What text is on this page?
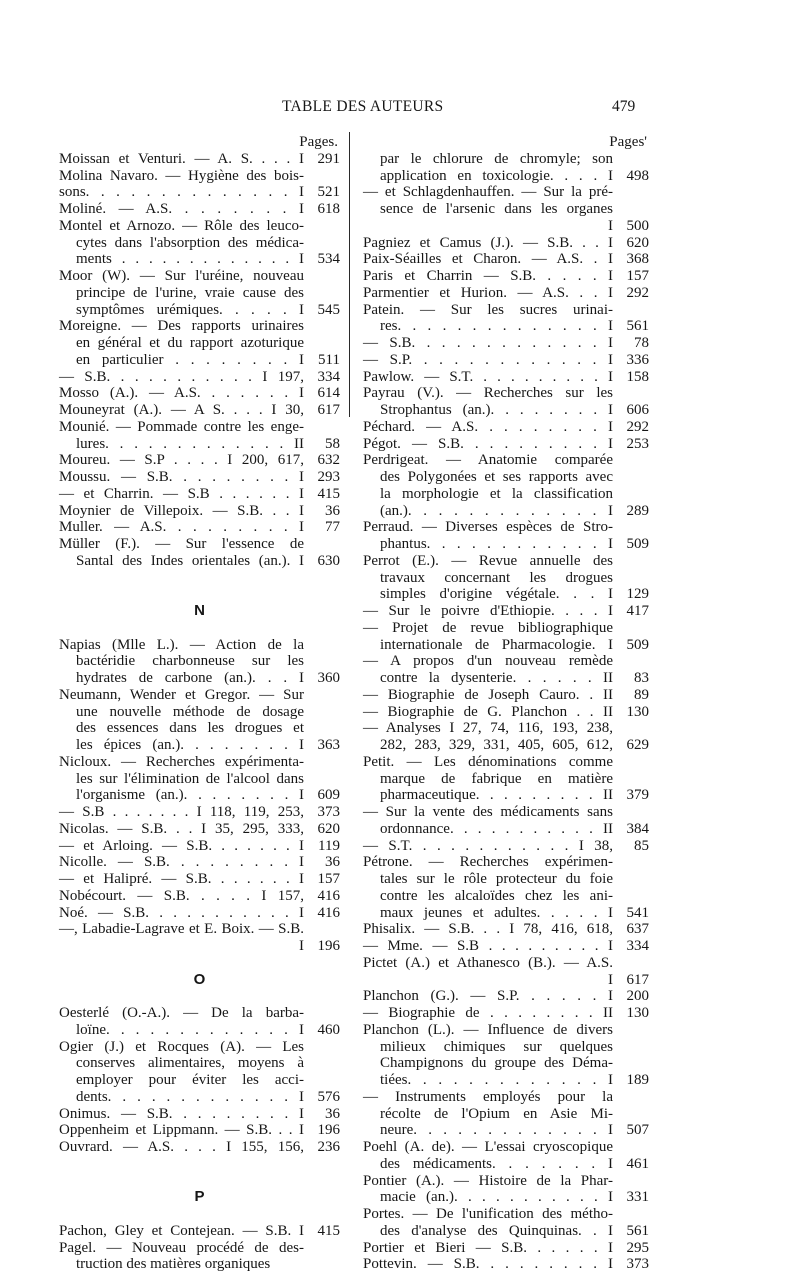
TABLE DES AUTEURS	479
Pages.
Moissan et Venturi. — A. S. . . . I 291
Molina Navaro. — Hygiène des bois-
sons. . . . . . . . . . . . . . I 521
Moliné. — A.S. . . . . . . . I 618
Montel et Arnozo. — Rôle des leuco-
cytes dans l'absorption des médica-
ments . . . . . . . . . . . . . I 534
Moor (W). — Sur l'uréine, nouveau
principe de l'urine, vraie cause des
symptômes urémiques. . . . . I 545
Moreigne. — Des rapports urinaires
en général et du rapport azoturique
en particulier . . . . . . . . I 511
— S.B. . . . . . . . . . . I 197, 334
Mosso (A.). — A.S. . . . . . . I 614
Mouneyrat (A.). — A S. . . . I 30, 617
Mounié. — Pommade contre les enge-
lures. . . . . . . . . . . . . II	58
Moureu. — S.P . . . . I 200, 617, 632
Moussu. — S.B. . . . . . . . . I 293
— et Charrin. — S.B . . . . . . I 415
Moynier de Villepoix. — S.B. . . I	36
Muller. — A.S. . . . . . . . . I	77
Müller (F.). — Sur l'essence de
Santal des Indes orientales (an.). I 630

N

Napias (Mlle L.). — Action de la
bactéridie charbonneuse sur les
hydrates de carbone (an.). . . I 360
Neumann, Wender et Gregor. — Sur
une nouvelle méthode de dosage
des essences dans les drogues et
les épices (an.). . . . . . . . I 363
Nicloux. — Recherches expérimenta-
les sur l'élimination de l'alcool dans
l'organisme (an.). . . . . . . . I 609
— S.B . . . . . . . I 118, 119, 253, 373
Nicolas. — S.B. . . I 35, 295, 333, 620
— et Arloing. — S.B. . . . . . . I 119
Nicolle. — S.B. . . . . . . . . I	36
— et Halipré. — S.B. . . . . . . I 157
Nobécourt. — S.B. . . . . I 157, 416
Noé. — S.B. . . . . . . . . . . I 416
—, Labadie-Lagrave et E. Boix. — S.B.
I 196

O

Oesterlé (O.-A.). — De la barba-
loïne. . . . . . . . . . . . . I 460
Ogier (J.) et Rocques (A). — Les
conserves alimentaires, moyens à
employer pour éviter les acci-
dents. . . . . . . . . . . . . I 576
Onimus. — S.B. . . . . . . . . I	36
Oppenheim et Lippmann. — S.B. . . I 196
Ouvrard. — A.S. . . . I 155, 156, 236

P

Pachon, Gley et Contejean. — S.B. I 415
Pagel. — Nouveau procédé de des-
truction des matières organiques
Pages'
par le chlorure de chromyle; son
application en toxicologie. . . . I 498
— et Schlagdenhauffen. — Sur la pré-
sence de l'arsenic dans les organes
I 500
Pagniez et Camus (J.). — S.B. . . I 620
Paix-Séailles et Charon. — A.S. . I 368
Paris et Charrin — S.B. . . . . I 157
Parmentier et Hurion. — A.S. . . I 292
Patein. — Sur les sucres urinai-
res. . . . . . . . . . . . . . I 561
— S.B. . . . . . . . . . . . . I	78
— S.P. . . . . . . . . . . . . I 336
Pawlow. — S.T. . . . . . . . . . I 158
Payrau (V.). — Recherches sur les
Strophantus (an.). . . . . . . . I 606
Péchard. — A.S. . . . . . . . . I 292
Pégot. — S.B. . . . . . . . . . I 253
Perdrigeat. — Anatomie comparée
des Polygonées et ses rapports avec
la morphologie et la classification
(an.). . . . . . . . . . . . . I 289
Perraud. — Diverses espèces de Stro-
phantus. . . . . . . . . . . . I 509
Perrot (E.). — Revue annuelle des
travaux concernant les drogues
simples d'origine végétale. . . I 129
— Sur le poivre d'Ethiopie. . . . I 417
— Projet de revue bibliographique
internationale de Pharmacologie. I 509
— A propos d'un nouveau remède
contre la dysenterie. . . . . . II	83
— Biographie de Joseph Cauro. . II	89
— Biographie de G. Planchon . . II 130
— Analyses I 27, 74, 116, 193, 238,
282, 283, 329, 331, 405, 605, 612, 629
Petit. — Les dénominations comme
marque de fabrique en matière
pharmaceutique. . . . . . . . . II 379
— Sur la vente des médicaments sans
ordonnance. . . . . . . . . . . II 384
— S.T. . . . . . . . . . . . I 38,	85
Pétrone. — Recherches expérimen-
tales sur le rôle protecteur du foie
contre les alcaloïdes chez les ani-
maux jeunes et adultes. . . . . I 541
Phisalix. — S.B. . . I 78, 416, 618, 637
— Mme. — S.B . . . . . . . . . I 334
Pictet (A.) et Athanesco (B.). — A.S.
I 617
Planchon (G.). — S.P. . . . . . I 200
— Biographie de . . . . . . . . II 130
Planchon (L.). — Influence de divers
milieux chimiques sur quelques
Champignons du groupe des Déma-
tiées. . . . . . . . . . . . . I 189
— Instruments employés pour la
récolte de l'Opium en Asie Mi-
neure. . . . . . . . . . . . . I 507
Poehl (A. de). — L'essai cryoscopique
des médicaments. . . . . . . I 461
Pontier (A.). — Histoire de la Phar-
macie (an.). . . . . . . . . . . I 331
Portes. — De l'unification des métho-
des d'analyse des Quinquinas. . I 561
Portier et Bieri — S.B. . . . . . I 295
Pottevin. — S.B. . . . . . . . . I 373
